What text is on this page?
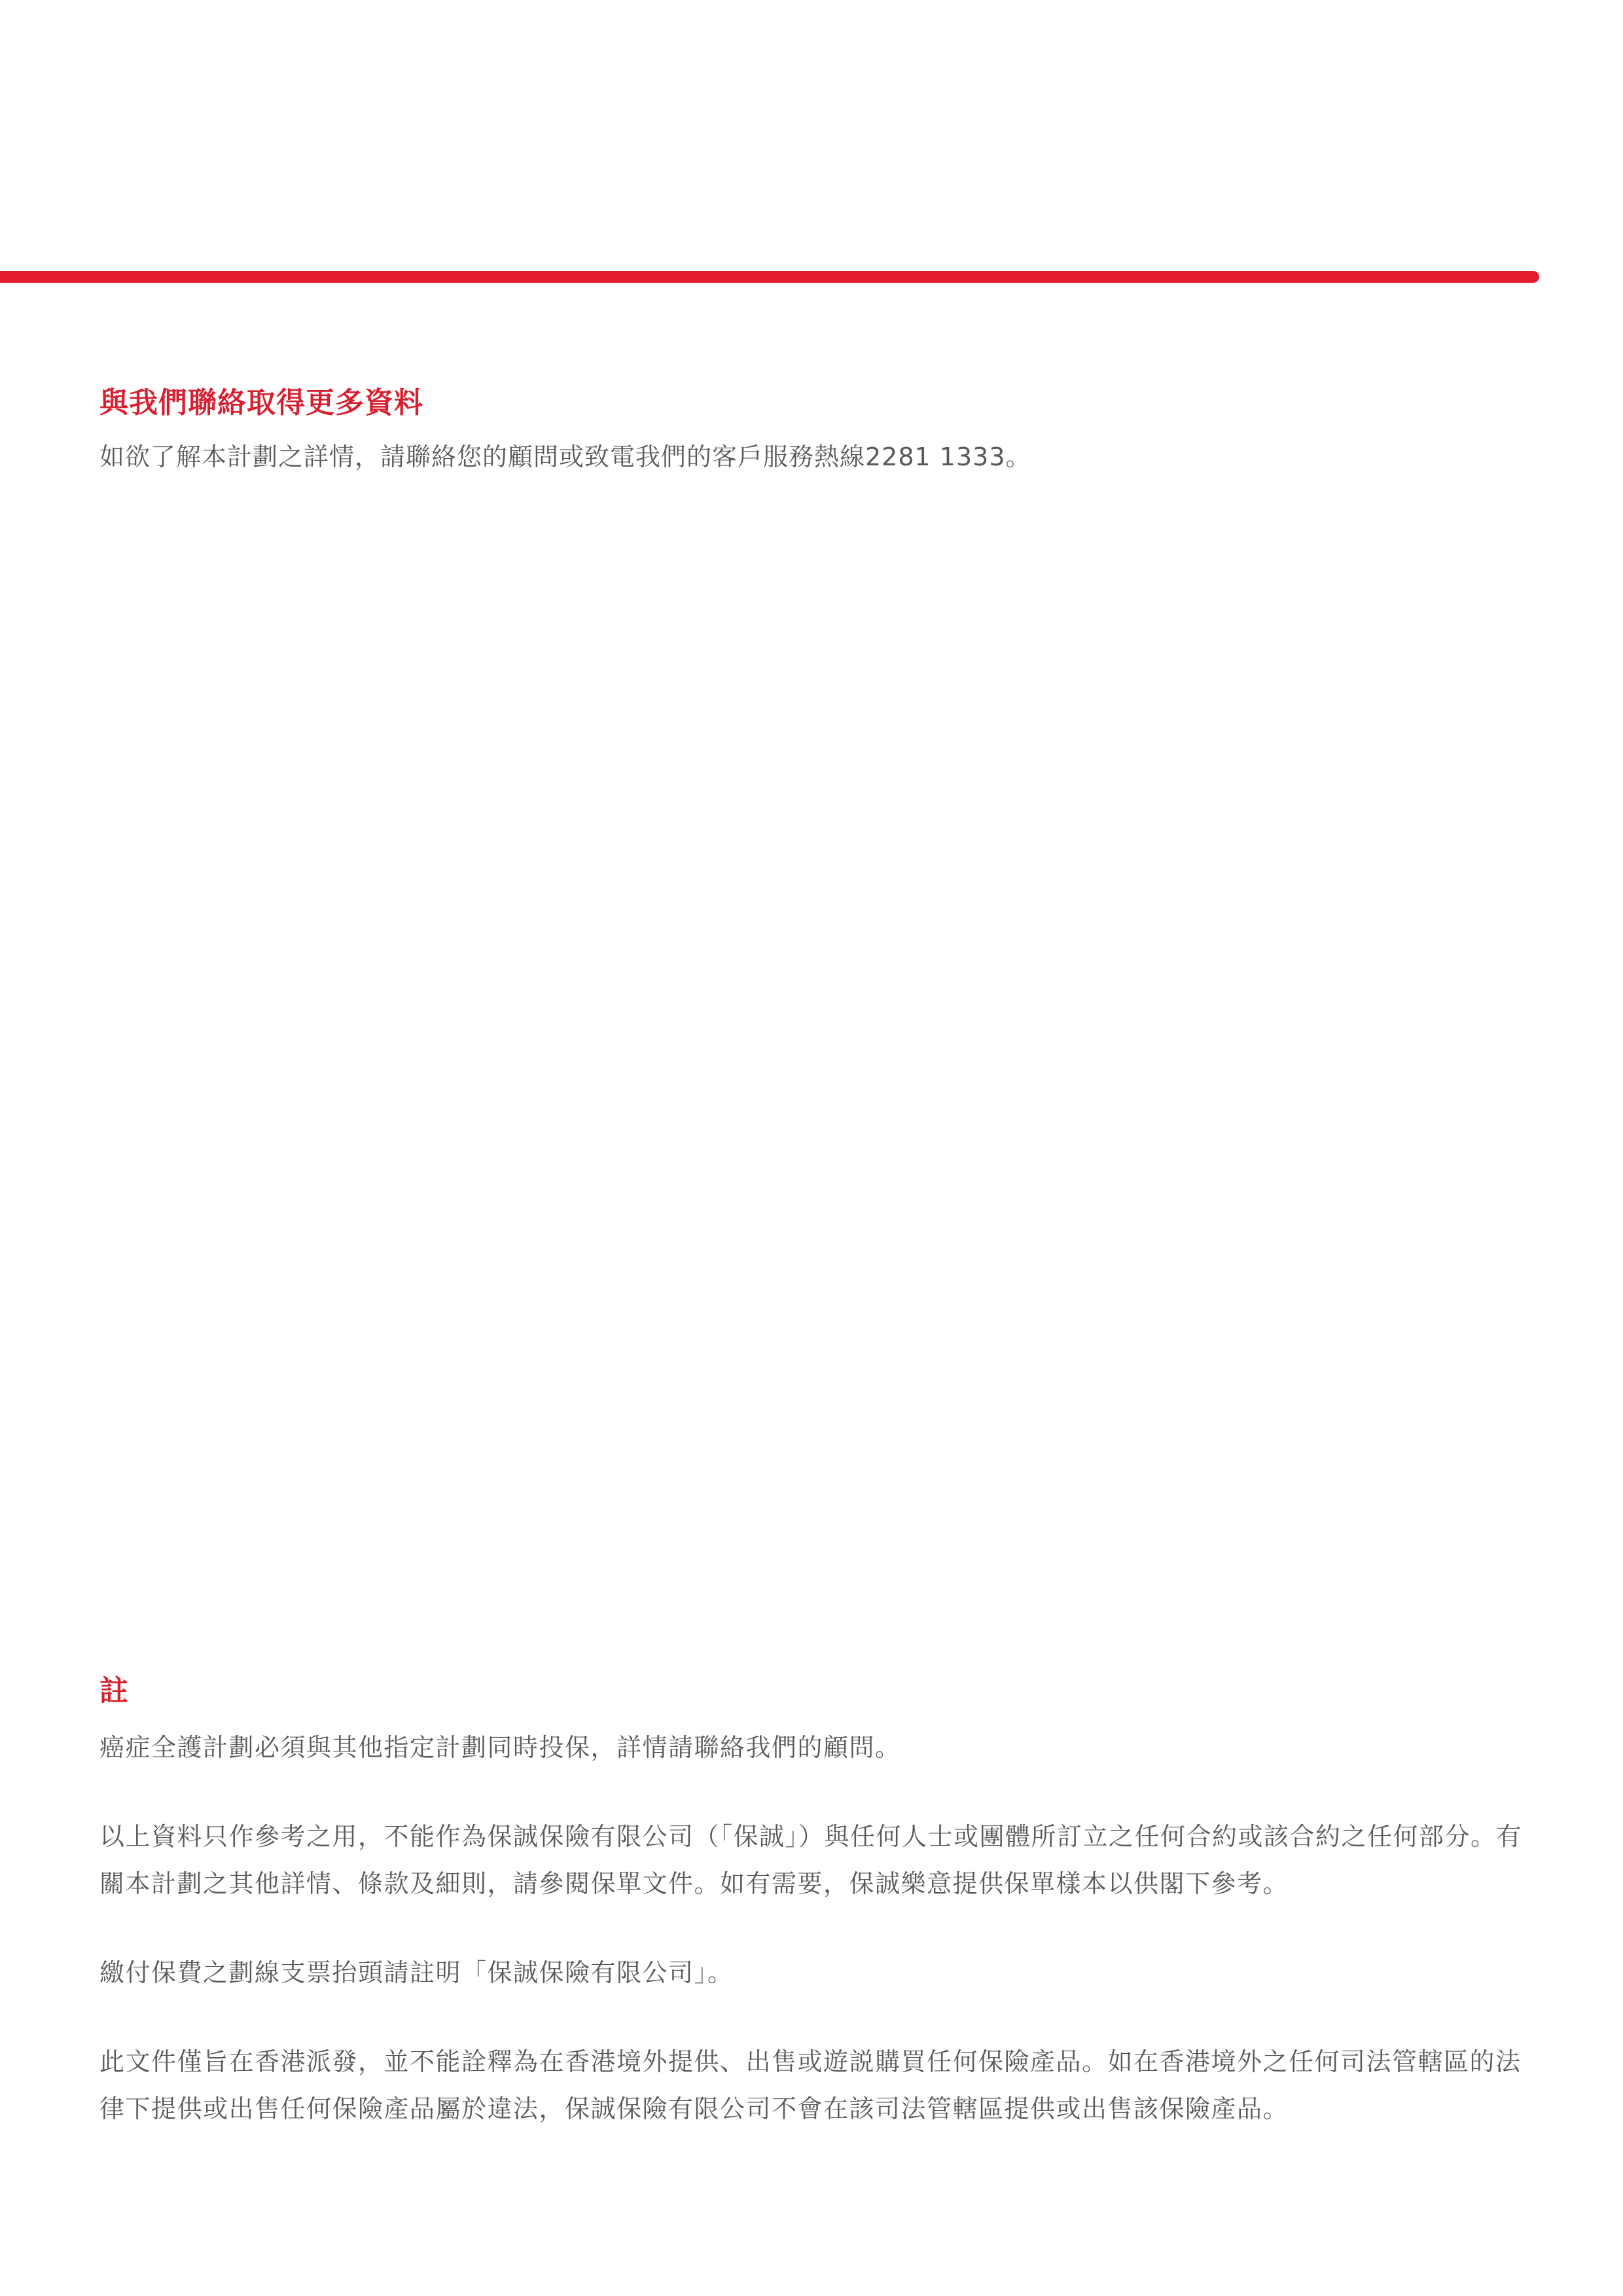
與我們聯絡取得更多資料

如欲了解本計劃之詳情，請聯絡您的顧問或致電我們的客戶服務熱線2281 1333。

註

癌症全護計劃必須與其他指定計劃同時投保，詳情請聯絡我們的顧問。

以上資料只作參考之用，不能作為保誠保險有限公司（「保誠」）與任何人士或團體所訂立之任何合約或該合約之任何部分。有關本計劃之其他詳情、條款及細則，請參閱保單文件。如有需要，保誠樂意提供保單樣本以供閣下參考。

繳付保費之劃線支票抬頭請註明「保誠保險有限公司」。

此文件僅旨在香港派發，並不能詮釋為在香港境外提供、出售或遊説購買任何保險產品。如在香港境外之任何司法管轄區的法律下提供或出售任何保險產品屬於違法，保誠保險有限公司不會在該司法管轄區提供或出售該保險產品。
